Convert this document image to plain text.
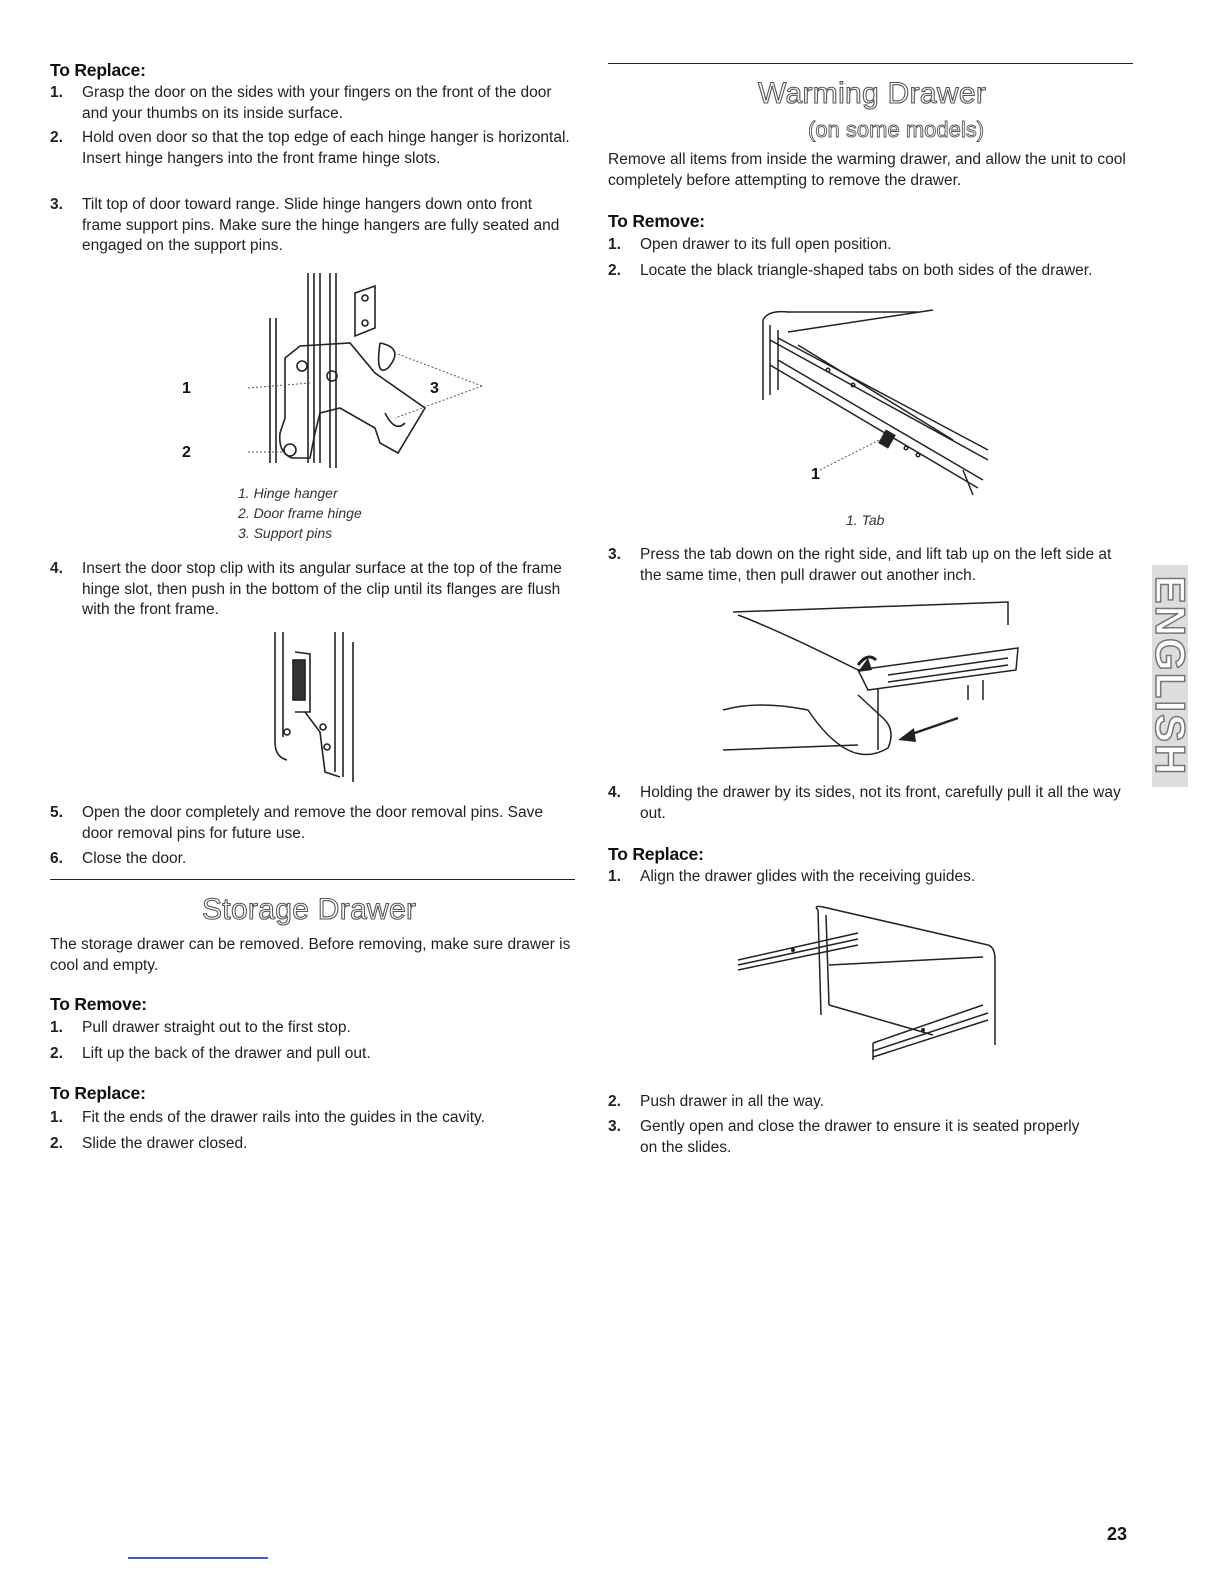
To Replace:
1. Grasp the door on the sides with your fingers on the front of the door and your thumbs on its inside surface.
2. Hold oven door so that the top edge of each hinge hanger is horizontal. Insert hinge hangers into the front frame hinge slots.
3. Tilt top of door toward range. Slide hinge hangers down onto front frame support pins. Make sure the hinge hangers are fully seated and engaged on the support pins.
1
2
3
1. Hinge hanger
2. Door frame hinge
3. Support pins
4. Insert the door stop clip with its angular surface at the top of the frame hinge slot, then push in the bottom of the clip until its flanges are flush with the front frame.
5. Open the door completely and remove the door removal pins. Save door removal pins for future use.
6. Close the door.
Storage Drawer
The storage drawer can be removed. Before removing, make sure drawer is cool and empty.
To Remove:
1. Pull drawer straight out to the first stop.
2. Lift up the back of the drawer and pull out.
To Replace:
1. Fit the ends of the drawer rails into the guides in the cavity.
2. Slide the drawer closed.
Warming Drawer
(on some models)
Remove all items from inside the warming drawer, and allow the unit to cool completely before attempting to remove the drawer.
To Remove:
1. Open drawer to its full open position.
2. Locate the black triangle-shaped tabs on both sides of the drawer.
1
1. Tab
3. Press the tab down on the right side, and lift tab up on the left side at the same time, then pull drawer out another inch.
4. Holding the drawer by its sides, not its front, carefully pull it all the way out.
To Replace:
1. Align the drawer glides with the receiving guides.
2. Push drawer in all the way.
3. Gently open and close the drawer to ensure it is seated properly on the slides.
ENGLISH
23
